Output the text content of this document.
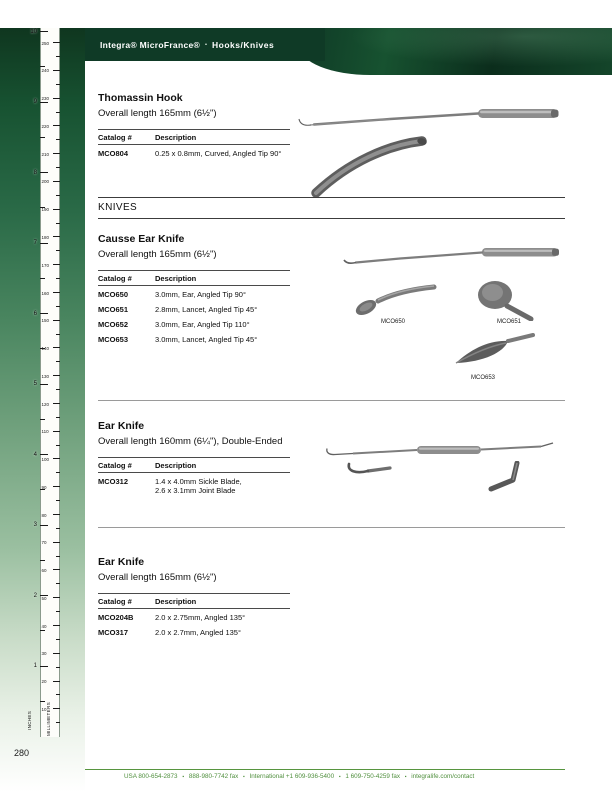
10
9
8
7
6
5
4
3
2
1
250
240
230
220
210
200
190
180
170
160
150
140
130
120
110
100
90
80
70
60
50
40
30
20
10
INCHES	MILLIMETERS
Integra® MicroFrance® ▪ Hooks/Knives
Thomassin Hook
Overall length 165mm (6½")
Catalog #	Description
MCO804	0.25 x 0.8mm, Curved, Angled Tip 90°
KNIVES
Causse Ear Knife
Overall length 165mm (6½")
Catalog #	Description
MCO650	3.0mm, Ear, Angled Tip 90°
MCO651	2.8mm, Lancet, Angled Tip 45°
MCO652	3.0mm, Ear, Angled Tip 110°
MCO653	3.0mm, Lancet, Angled Tip 45°
MCO650	MCO651
MCO653
Ear Knife
Overall length 160mm (6¼"), Double-Ended
Catalog #	Description
MCO312	1.4 x 4.0mm Sickle Blade,
2.6 x 3.1mm Joint Blade
Ear Knife
Overall length 165mm (6½")
Catalog #	Description
MCO204B	2.0 x 2.75mm, Angled 135°
MCO317	2.0 x 2.7mm, Angled 135°
USA 800-654-2873 ▪ 888-980-7742 fax ▪ International +1 609-936-5400 ▪ 1 609-750-4259 fax ▪ integralife.com/contact
280
